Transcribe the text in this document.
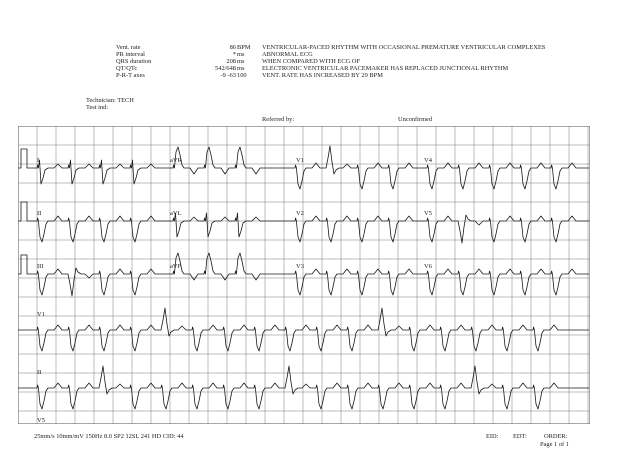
Vent. rate	86 BPM
PR interval	* ms
QRS duration	208 ms
QT/QTc	542/648 ms
P-R-T axes	-9 -63 100
VENTRICULAR-PACED RHYTHM WITH OCCASIONAL PREMATURE VENTRICULAR COMPLEXES
ABNORMAL ECG
WHEN COMPARED WITH ECG OF
ELECTRONIC VENTRICULAR PACEMAKER HAS REPLACED JUNCTIONAL RHYTHM
VENT. RATE HAS INCREASED BY 29 BPM
Technician: TECH
Test ind:
Referred by:	Unconfirmed
I	aVR	V1	V4
II	aVL	V2	V5
III	aVF	V3	V6
V1
II
V5
25mm/s 10mm/mV 150Hz 8.0 SP2 12SL 241 HD CID: 44	EID: EDT:	ORDER:
Page 1 of 1
